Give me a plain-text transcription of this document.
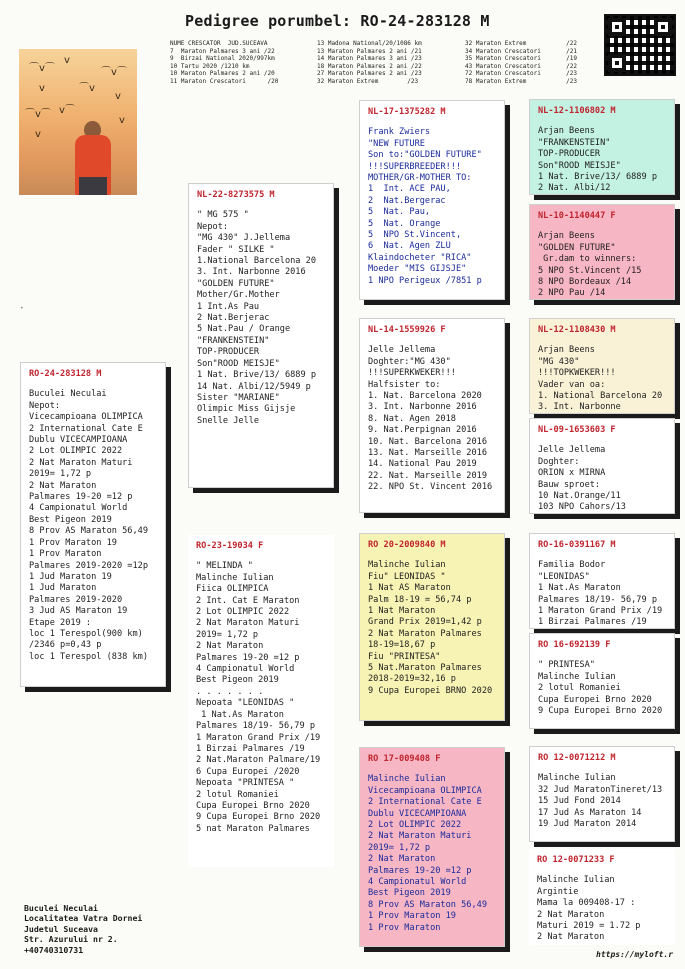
Pedigree porumbel: RO-24-283128 M
⌒v⌒
v
⌒v⌒
v	⌒v
v
⌒v⌒ v⌒
v
v
NUME CRESCATOR  JUD.SUCEAVA
7  Maraton Palmares 3 ani /22
9  Birzai National 2020/997km
10 Tartu 2020 /1210 km
10 Maraton Palmares 2 ani /20
11 Maraton Crescatori      /20
13 Madona National/20/1086 km
13 Maraton Palmares 2 ani /21
14 Maraton Palmares 3 ani /23
18 Maraton Palmares 2 ani /22
27 Maraton Palmares 2 ani /23
32 Maraton Extrem        /23
32 Maraton Extrem           /22
34 Maraton Crescatori       /21
35 Maraton Crescatori       /19
43 Maraton Crescatori       /22
72 Maraton Crescatori       /23
78 Maraton Extrem           /23
•
RO-24-283128 M
Buculei Neculai
Nepot:
Vicecampioana OLIMPICA
2 International Cate E
Dublu VICECAMPIOANA
2 Lot OLIMPIC 2022
2 Nat Maraton Maturi
2019= 1,72 p
2 Nat Maraton
Palmares 19-20 =12 p
4 Campionatul World
Best Pigeon 2019
8 Prov AS Maraton 56,49
1 Prov Maraton 19
1 Prov Maraton
Palmares 2019-2020 =12p
1 Jud Maraton 19
1 Jud Maraton
Palmares 2019-2020
3 Jud AS Maraton 19
Etape 2019 :
loc 1 Terespol(900 km)
/2346 p=0,43 p
loc 1 Terespol (838 km)
NL-22-8273575 M
" MG 575 "
Nepot:
"MG 430" J.Jellema
Fader " SILKE "
1.National Barcelona 20
3. Int. Narbonne 2016
"GOLDEN FUTURE"
Mother/Gr.Mother
1 Int.As Pau
2 Nat.Berjerac
5 Nat.Pau / Orange
"FRANKENSTEIN"
TOP-PRODUCER
Son"ROOD MEISJE"
1 Nat. Brive/13/ 6889 p
14 Nat. Albi/12/5949 p
Sister "MARIANE"
Olimpic Miss Gijsje
Snelle Jelle
RO-23-19034 F
" MELINDA "
Malinche Iulian
Fiica OLIMPICA
2 Int. Cat E Maraton
2 Lot OLIMPIC 2022
2 Nat Maraton Maturi
2019= 1,72 p
2 Nat Maraton
Palmares 19-20 =12 p
4 Campionatul World
Best Pigeon 2019
. . . . . . .
Nepoata "LEONIDAS "
1 Nat.As Maraton
Palmares 18/19- 56,79 p
1 Maraton Grand Prix /19
1 Birzai Palmares /19
2 Nat.Maraton Palmare/19
6 Cupa Europei /2020
Nepoata "PRINTESA "
2 lotul Romaniei
Cupa Europei Brno 2020
9 Cupa Europei Brno 2020
5 nat Maraton Palmares
NL-17-1375282 M
Frank Zwiers
"NEW FUTURE
Son to:"GOLDEN FUTURE"
!!!SUPERBREEDER!!!
MOTHER/GR-MOTHER TO:
1  Int. ACE PAU,
2  Nat.Bergerac
5  Nat. Pau,
5  Nat. Orange
5  NPO St.Vincent,
6  Nat. Agen ZLU
Klaindocheter "RICA"
Moeder "MIS GIJSJE"
1 NPO Perigeux /7851 p
NL-14-1559926 F
Jelle Jellema
Doghter:"MG 430"
!!!SUPERKWEKER!!!
Halfsister to:
1. Nat. Barcelona 2020
3. Int. Narbonne 2016
8. Nat. Agen 2018
9. Nat.Perpignan 2016
10. Nat. Barcelona 2016
13. Nat. Marseille 2016
14. National Pau 2019
22. Nat. Marseille 2019
22. NPO St. Vincent 2016
RO 20-2009840 M
Malinche Iulian
Fiu" LEONIDAS "
1 Nat AS Maraton
Palm 18-19 = 56,74 p
1 Nat Maraton
Grand Prix 2019=1,42 p
2 Nat Maraton Palmares
18-19=18,67 p
Fiu "PRINTESA"
5 Nat.Maraton Palmares
2018-2019=32,16 p
9 Cupa Europei BRNO 2020
RO 17-009408 F
Malinche Iulian
Vicecampioana OLIMPICA
2 International Cate E
Dublu VICECAMPIOANA
2 Lot OLIMPIC 2022
2 Nat Maraton Maturi
2019= 1,72 p
2 Nat Maraton
Palmares 19-20 =12 p
4 Campionatul World
Best Pigeon 2019
8 Prov AS Maraton 56,49
1 Prov Maraton 19
1 Prov Maraton
NL-12-1106802 M
Arjan Beens
"FRANKENSTEIN"
TOP-PRODUCER
Son"ROOD MEISJE"
1 Nat. Brive/13/ 6889 p
2 Nat. Albi/12
NL-10-1140447 F
Arjan Beens
"GOLDEN FUTURE"
Gr.dam to winners:
5 NPO St.Vincent /15
8 NPO Bordeaux /14
2 NPO Pau /14
NL-12-1108430 M
Arjan Beens
"MG 430"
!!!TOPKWEKER!!!
Vader van oa:
1. National Barcelona 20
3. Int. Narbonne
NL-09-1653603 F
Jelle Jellema
Doghter:
ORION x MIRNA
Bauw sproet:
10 Nat.Orange/11
103 NPO Cahors/13
RO-16-0391167 M
Familia Bodor
"LEONIDAS"
1 Nat.As Maraton
Palmares 18/19- 56,79 p
1 Maraton Grand Prix /19
1 Birzai Palmares /19
RO 16-692139 F
" PRINTESA"
Malinche Iulian
2 lotul Romaniei
Cupa Europei Brno 2020
9 Cupa Europei Brno 2020
RO 12-0071212 M
Malinche Iulian
32 Jud MaratonTineret/13
15 Jud Fond 2014
17 Jud As Maraton 14
19 Jud Maraton 2014
RO 12-0071233 F
Malinche Iulian
Argintie
Mama la 009408-17 :
2 Nat Maraton
Maturi 2019 = 1.72 p
2 Nat Maraton
Buculei Neculai
Localitatea Vatra Dornei
Judetul Suceava
Str. Azurului nr 2.
+40740310731	https://myloft.r
